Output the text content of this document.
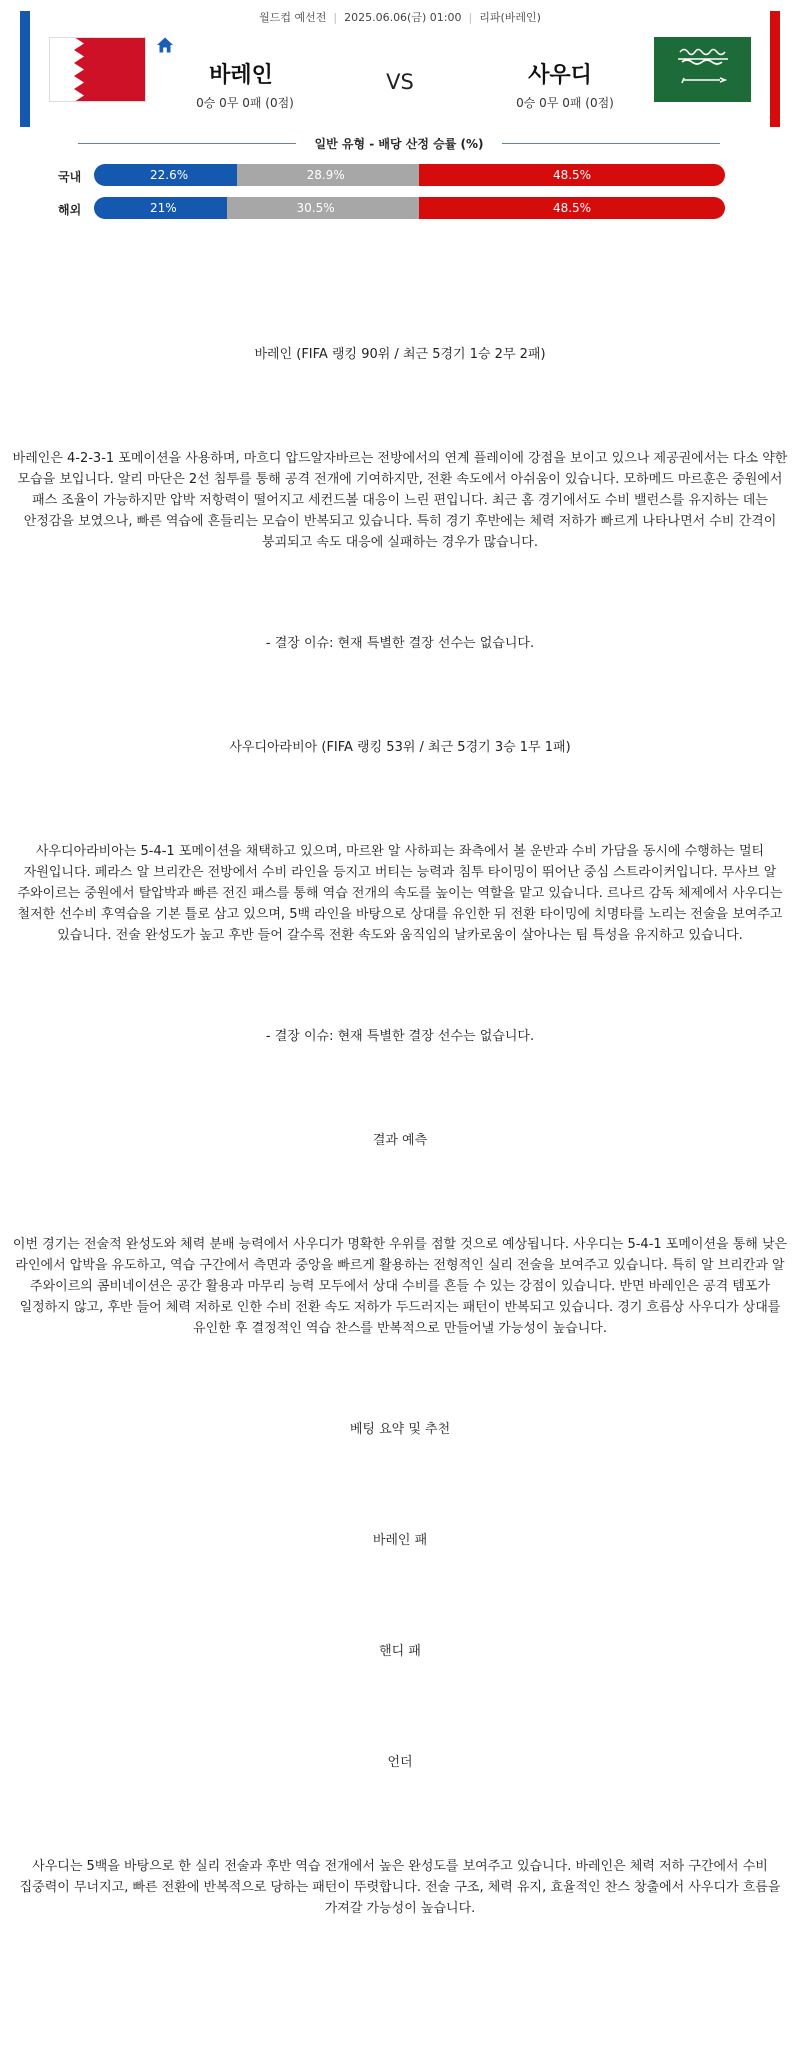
월드컵 예선전 | 2025.06.06(금) 01:00 | 리파(바레인)
바레인
0승 0무 0패 (0점)
VS	사우디
0승 0무 0패 (0점)
일반 유형 - 배당 산정 승률 (%)
국내	22.6%	28.9%	48.5%
해외	21%	30.5%	48.5%

바레인 (FIFA 랭킹 90위 / 최근 5경기 1승 2무 2패)

바레인은 4-2-3-1 포메이션을 사용하며, 마흐디 압드알자바르는 전방에서의 연계 플레이에 강점을 보이고 있으나 제공권에서는 다소 약한 모습을 보입니다. 알리 마단은 2선 침투를 통해 공격 전개에 기여하지만, 전환 속도에서 아쉬움이 있습니다. 모하메드 마르훈은 중원에서 패스 조율이 가능하지만 압박 저항력이 떨어지고 세컨드볼 대응이 느린 편입니다. 최근 홈 경기에서도 수비 밸런스를 유지하는 데는 안정감을 보였으나, 빠른 역습에 흔들리는 모습이 반복되고 있습니다. 특히 경기 후반에는 체력 저하가 빠르게 나타나면서 수비 간격이 붕괴되고 속도 대응에 실패하는 경우가 많습니다.

- 결장 이슈: 현재 특별한 결장 선수는 없습니다.

사우디아라비아 (FIFA 랭킹 53위 / 최근 5경기 3승 1무 1패)

사우디아라비아는 5-4-1 포메이션을 채택하고 있으며, 마르완 알 사하피는 좌측에서 볼 운반과 수비 가담을 동시에 수행하는 멀티 자원입니다. 페라스 알 브리칸은 전방에서 수비 라인을 등지고 버티는 능력과 침투 타이밍이 뛰어난 중심 스트라이커입니다. 무사브 알 주와이르는 중원에서 탈압박과 빠른 전진 패스를 통해 역습 전개의 속도를 높이는 역할을 맡고 있습니다. 르나르 감독 체제에서 사우디는 철저한 선수비 후역습을 기본 틀로 삼고 있으며, 5백 라인을 바탕으로 상대를 유인한 뒤 전환 타이밍에 치명타를 노리는 전술을 보여주고 있습니다. 전술 완성도가 높고 후반 들어 갈수록 전환 속도와 움직임의 날카로움이 살아나는 팀 특성을 유지하고 있습니다.

- 결장 이슈: 현재 특별한 결장 선수는 없습니다.

결과 예측

이번 경기는 전술적 완성도와 체력 분배 능력에서 사우디가 명확한 우위를 점할 것으로 예상됩니다. 사우디는 5-4-1 포메이션을 통해 낮은 라인에서 압박을 유도하고, 역습 구간에서 측면과 중앙을 빠르게 활용하는 전형적인 실리 전술을 보여주고 있습니다. 특히 알 브리칸과 알 주와이르의 콤비네이션은 공간 활용과 마무리 능력 모두에서 상대 수비를 흔들 수 있는 강점이 있습니다. 반면 바레인은 공격 템포가 일정하지 않고, 후반 들어 체력 저하로 인한 수비 전환 속도 저하가 두드러지는 패턴이 반복되고 있습니다. 경기 흐름상 사우디가 상대를 유인한 후 결정적인 역습 찬스를 반복적으로 만들어낼 가능성이 높습니다.

베팅 요약 및 추천

바레인 패

핸디 패

언더

사우디는 5백을 바탕으로 한 실리 전술과 후반 역습 전개에서 높은 완성도를 보여주고 있습니다. 바레인은 체력 저하 구간에서 수비 집중력이 무너지고, 빠른 전환에 반복적으로 당하는 패턴이 뚜렷합니다. 전술 구조, 체력 유지, 효율적인 찬스 창출에서 사우디가 흐름을 가져갈 가능성이 높습니다.
